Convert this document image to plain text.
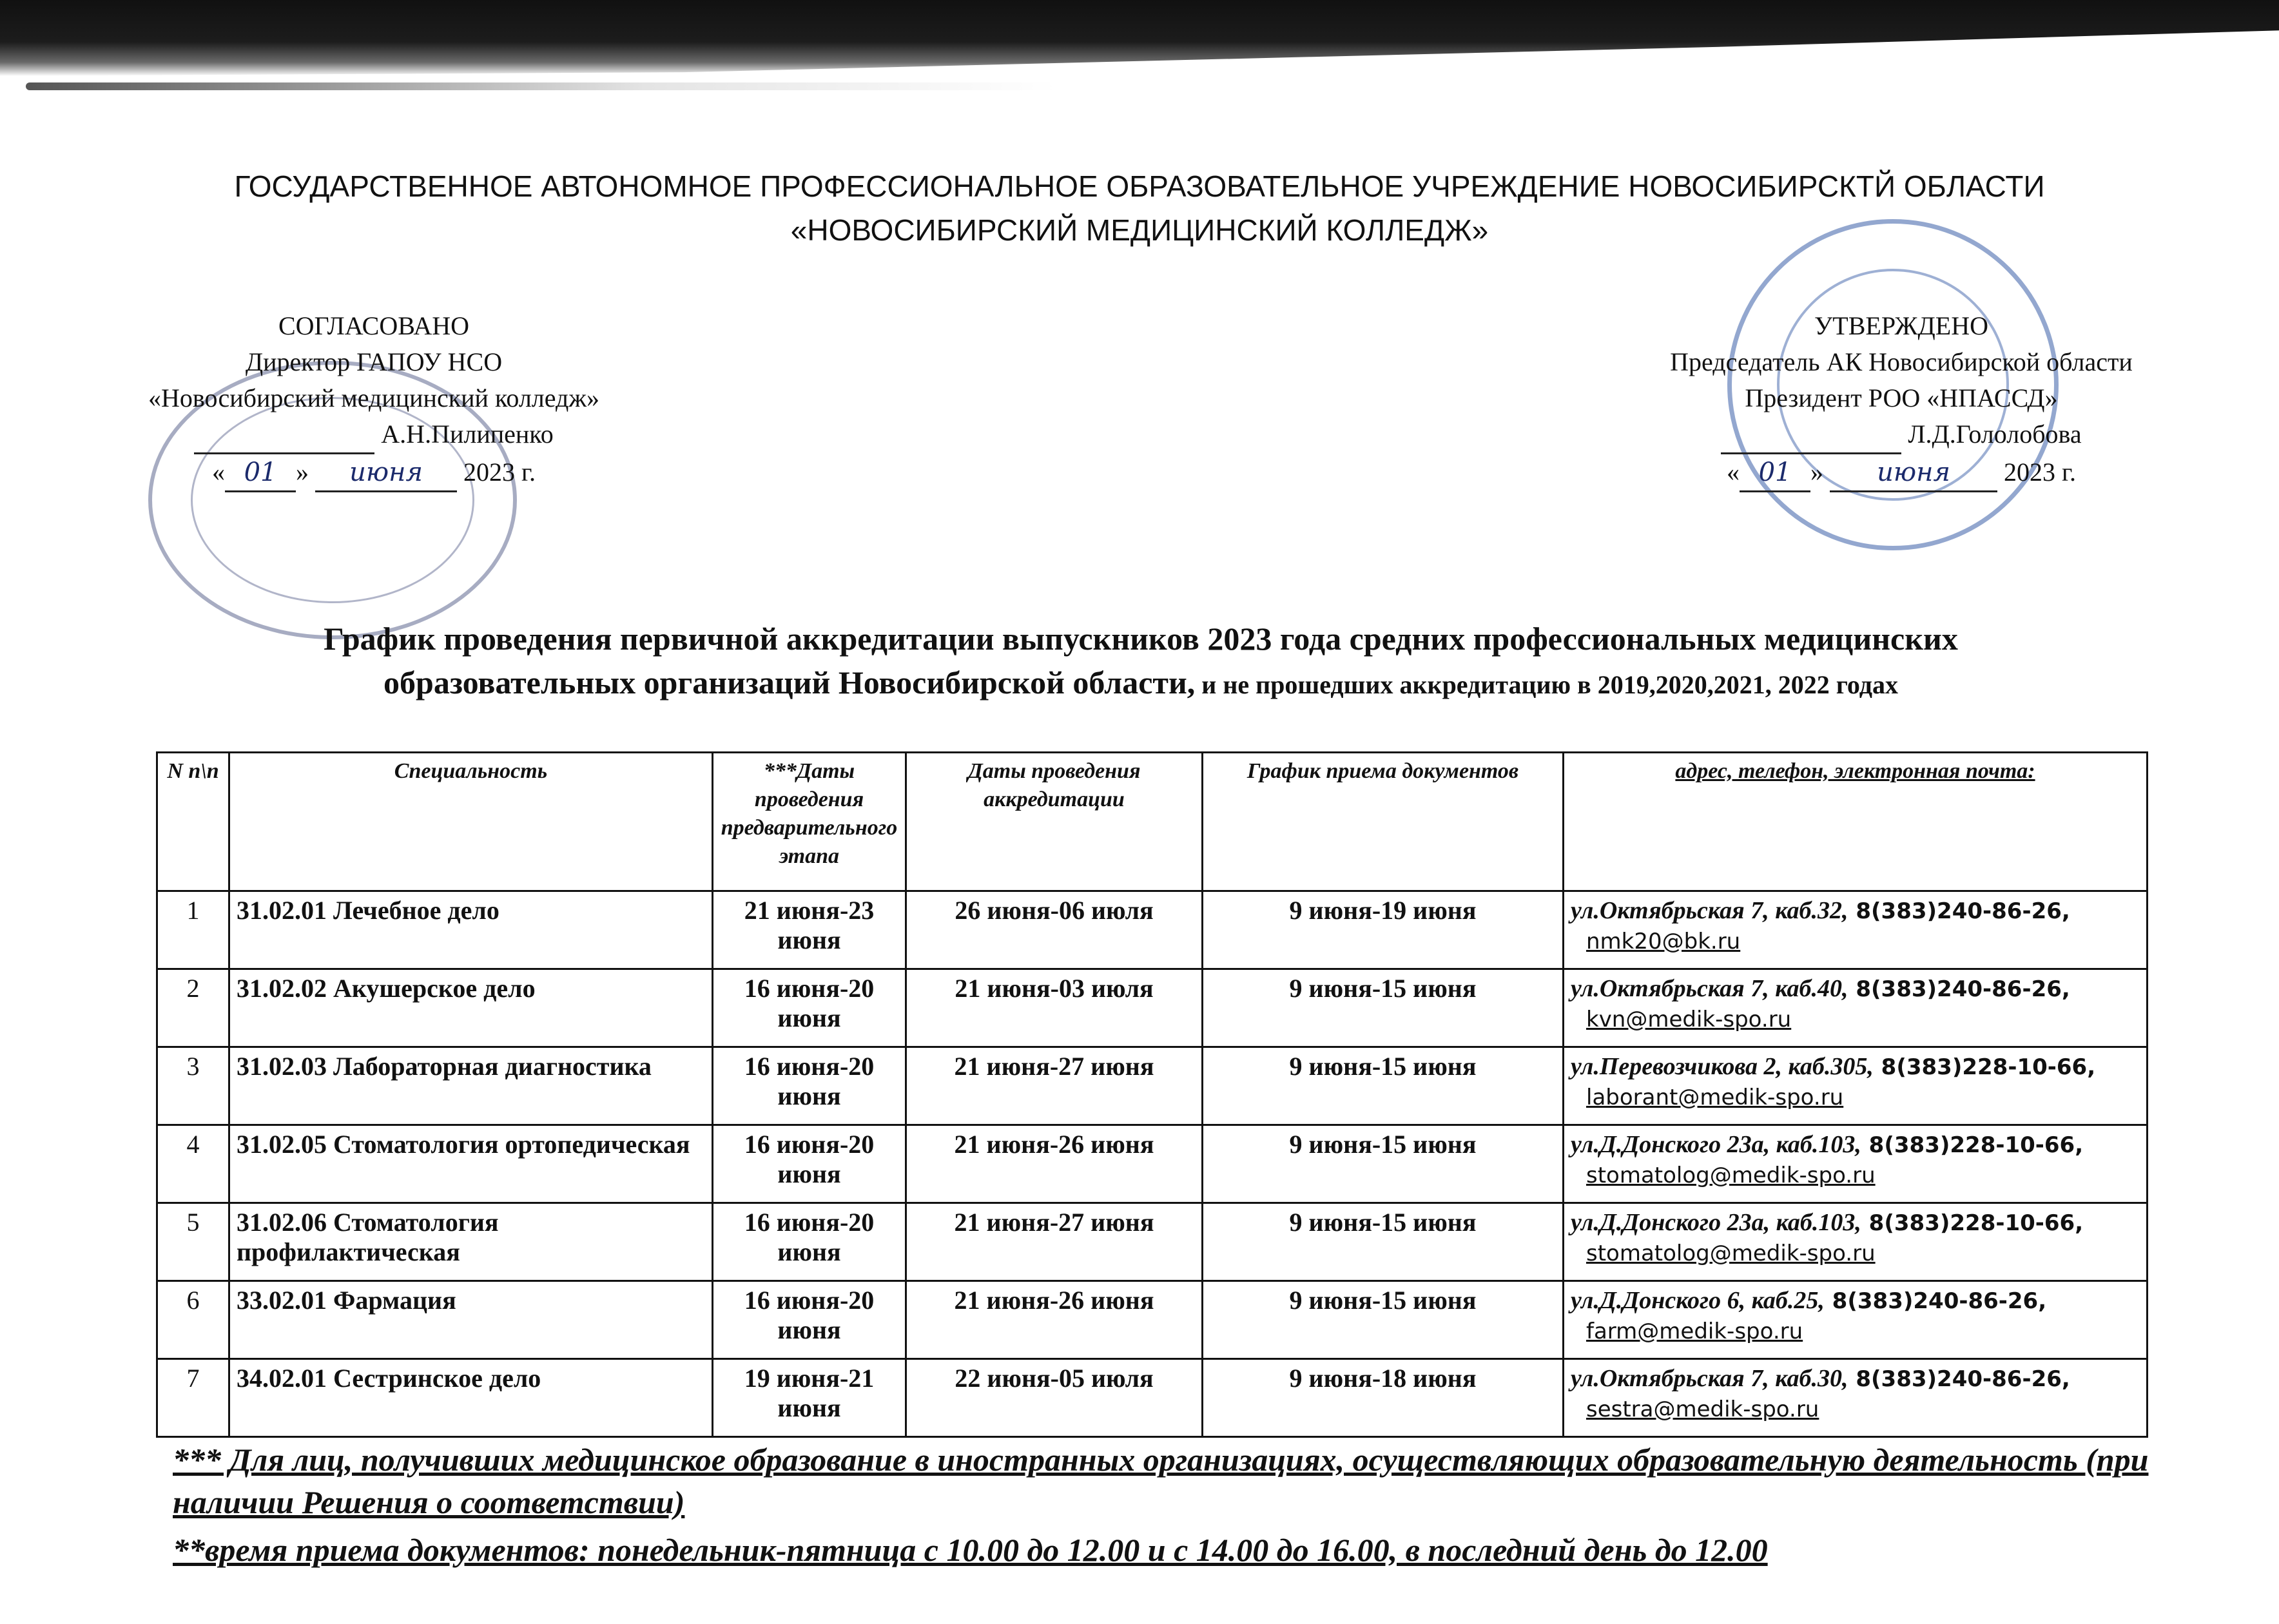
ГОСУДАРСТВЕННОЕ АВТОНОМНОЕ ПРОФЕССИОНАЛЬНОЕ ОБРАЗОВАТЕЛЬНОЕ УЧРЕЖДЕНИЕ НОВОСИБИРСКТЙ ОБЛАСТИ
«НОВОСИБИРСКИЙ МЕДИЦИНСКИЙ КОЛЛЕДЖ»
СОГЛАСОВАНО
Директор ГАПОУ НСО
«Новосибирский медицинский колледж»
А.Н.Пилипенко
« 01 » июня 2023 г.
УТВЕРЖДЕНО
Председатель АК Новосибирской области
Президент РОО «НПАССД»
Л.Д.Гололобова
« 01 » июня 2023 г.
График проведения первичной аккредитации выпускников 2023 года средних профессиональных медицинских
образовательных организаций Новосибирской области, и не прошедших аккредитацию в 2019,2020,2021, 2022 годах
N п\п	Специальность	***Даты проведения предварительного этапа	Даты проведения аккредитации	График приема документов	адрес, телефон, электронная почта:
1	31.02.01 Лечебное дело	21 июня-23 июня	26 июня-06 июля	9 июня-19 июня	ул.Октябрьская 7, каб.32, 8(383)240-86-26,
nmk20@bk.ru
2	31.02.02 Акушерское дело	16 июня-20 июня	21 июня-03 июля	9 июня-15 июня	ул.Октябрьская 7, каб.40, 8(383)240-86-26,
kvn@medik-spo.ru
3	31.02.03 Лабораторная диагностика	16 июня-20 июня	21 июня-27 июня	9 июня-15 июня	ул.Перевозчикова 2, каб.305, 8(383)228-10-66,
laborant@medik-spo.ru
4	31.02.05 Стоматология ортопедическая	16 июня-20 июня	21 июня-26 июня	9 июня-15 июня	ул.Д.Донского 23а, каб.103, 8(383)228-10-66,
stomatolog@medik-spo.ru
5	31.02.06 Стоматология профилактическая	16 июня-20 июня	21 июня-27 июня	9 июня-15 июня	ул.Д.Донского 23а, каб.103, 8(383)228-10-66,
stomatolog@medik-spo.ru
6	33.02.01 Фармация	16 июня-20 июня	21 июня-26 июня	9 июня-15 июня	ул.Д.Донского 6, каб.25, 8(383)240-86-26,
farm@medik-spo.ru
7	34.02.01 Сестринское дело	19 июня-21 июня	22 июня-05 июля	9 июня-18 июня	ул.Октябрьская 7, каб.30, 8(383)240-86-26,
sestra@medik-spo.ru
*** Для лиц, получивших медицинское образование в иностранных организациях, осуществляющих образовательную деятельность (при наличии Решения о соответствии)
**время приема документов: понедельник-пятница с 10.00 до 12.00 и с 14.00 до 16.00, в последний день до 12.00
